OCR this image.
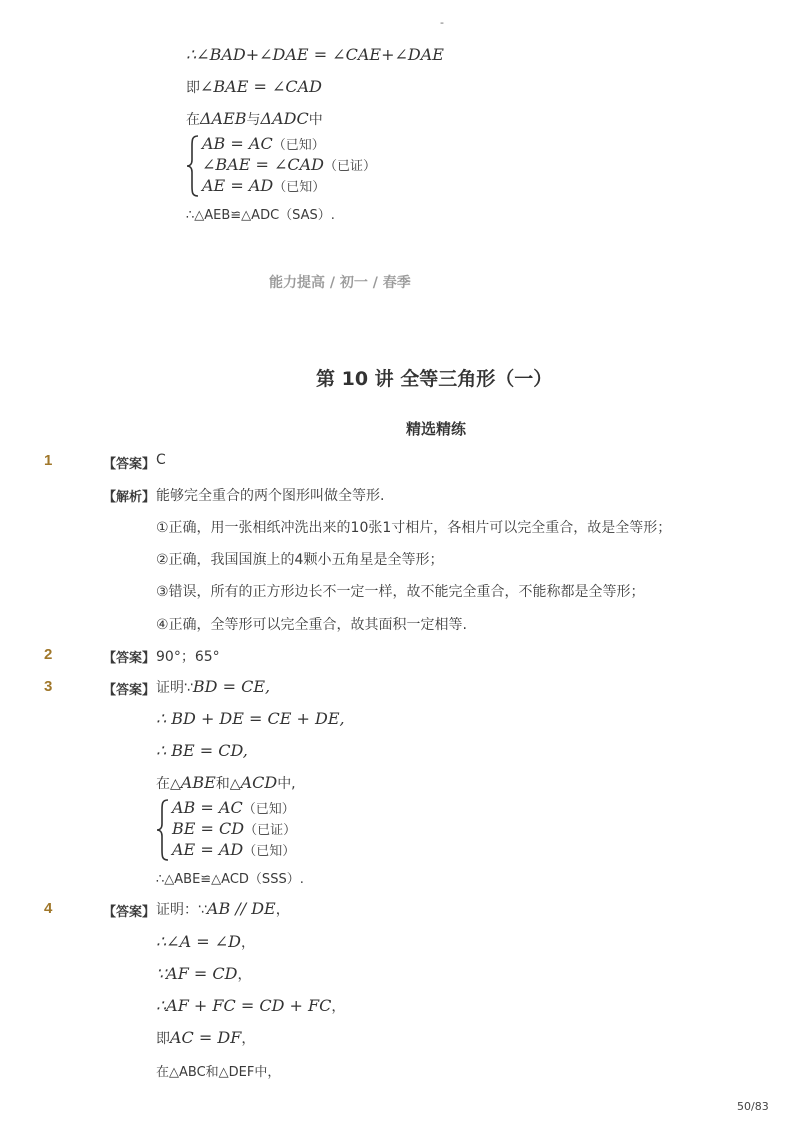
-
∴∠BAD+∠DAE = ∠CAE+∠DAE
即∠BAE = ∠CAD
在ΔAEB与ΔADC中
AB = AC（已知）
∠BAE = ∠CAD（已证）
AE = AD（已知）
∴△AEB≌△ADC（SAS）.
能力提高 / 初一 / 春季
第 10 讲 全等三角形（一）
精选精练
1	【答案】 C
【解析】 能够完全重合的两个图形叫做全等形.
①正确，用一张相纸冲洗出来的10张1寸相片，各相片可以完全重合，故是全等形；
②正确，我国国旗上的4颗小五角星是全等形；
③错误，所有的正方形边长不一定一样，故不能完全重合，不能称都是全等形；
④正确，全等形可以完全重合，故其面积一定相等.
2	【答案】 90°；65°
3	【答案】 证明∵BD = CE,
∴ BD + DE = CE + DE,
∴ BE = CD,
在△ABE和△ACD中,
AB = AC（已知）
BE = CD（已证）
AE = AD（已知）
∴△ABE≌△ACD（SSS）.
4	【答案】 证明：∵AB // DE，
∴∠A = ∠D，
∵AF = CD，
∴AF + FC = CD + FC，
即AC = DF，
在△ABC和△DEF中，
50/83
